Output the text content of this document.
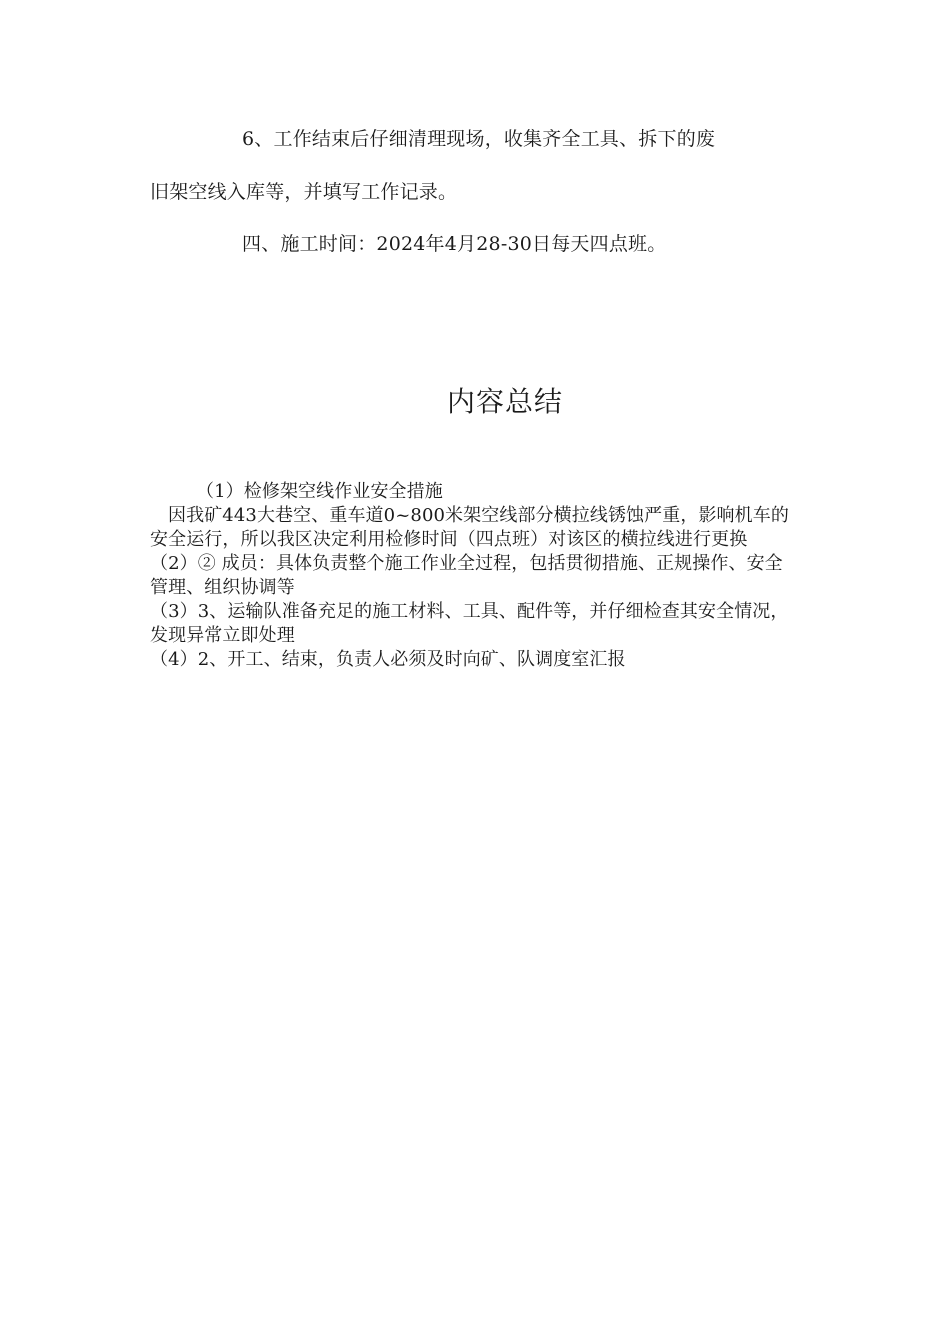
6、工作结束后仔细清理现场，收集齐全工具、拆下的废

旧架空线入库等，并填写工作记录。

四、施工时间：2024年4月28-30日每天四点班。

内容总结

（1）检修架空线作业安全措施

因我矿443大巷空、重车道0~800米架空线部分横拉线锈蚀严重，影响机车的安全运行，所以我区决定利用检修时间（四点班）对该区的横拉线进行更换

（2）② 成员：具体负责整个施工作业全过程，包括贯彻措施、正规操作、安全管理、组织协调等

（3）3、运输队准备充足的施工材料、工具、配件等，并仔细检查其安全情况，发现异常立即处理

（4）2、开工、结束，负责人必须及时向矿、队调度室汇报
